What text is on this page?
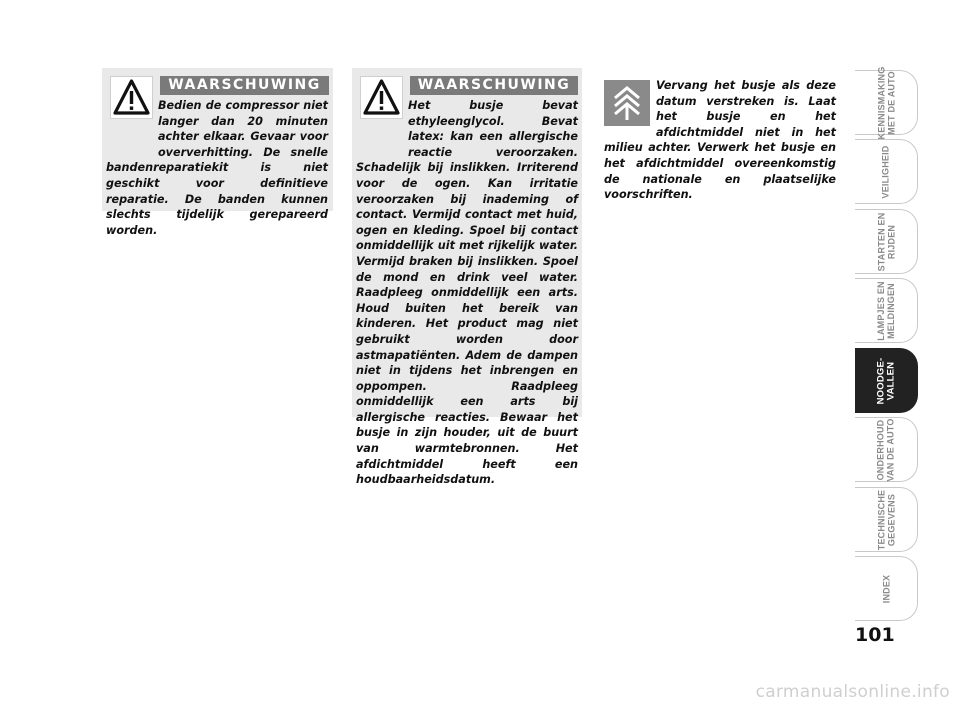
WAARSCHUWING

Bedien de compressor niet langer dan 20 minuten achter elkaar. Gevaar voor oververhitting. De snelle bandenreparatiekit is niet geschikt voor definitieve reparatie. De banden kunnen slechts tijdelijk gerepareerd worden.

WAARSCHUWING

Het busje bevat ethyleenglycol. Bevat latex: kan een allergische reactie veroorzaken. Schadelijk bij inslikken. Irriterend voor de ogen. Kan irritatie veroorzaken bij inademing of contact. Vermijd contact met huid, ogen en kleding. Spoel bij contact onmiddellijk uit met rijkelijk water. Vermijd braken bij inslikken. Spoel de mond en drink veel water. Raadpleeg onmiddellijk een arts. Houd buiten het bereik van kinderen. Het product mag niet gebruikt worden door astmapatiënten. Adem de dampen niet in tijdens het inbrengen en oppompen. Raadpleeg onmiddellijk een arts bij allergische reacties. Bewaar het busje in zijn houder, uit de buurt van warmtebronnen. Het afdichtmiddel heeft een houdbaarheidsdatum.

Vervang het busje als deze datum verstreken is. Laat het busje en het afdichtmiddel niet in het milieu achter. Verwerk het busje en het afdichtmiddel overeenkomstig de nationale en plaatselijke voorschriften.

KENNISMAKING
MET DE AUTO
VEILIGHEID
STARTEN EN
RIJDEN
LAMPJES EN
MELDINGEN
NOODGE-
VALLEN
ONDERHOUD
VAN DE AUTO
TECHNISCHE
GEGEVENS
INDEX
101
carmanualsonline.info
